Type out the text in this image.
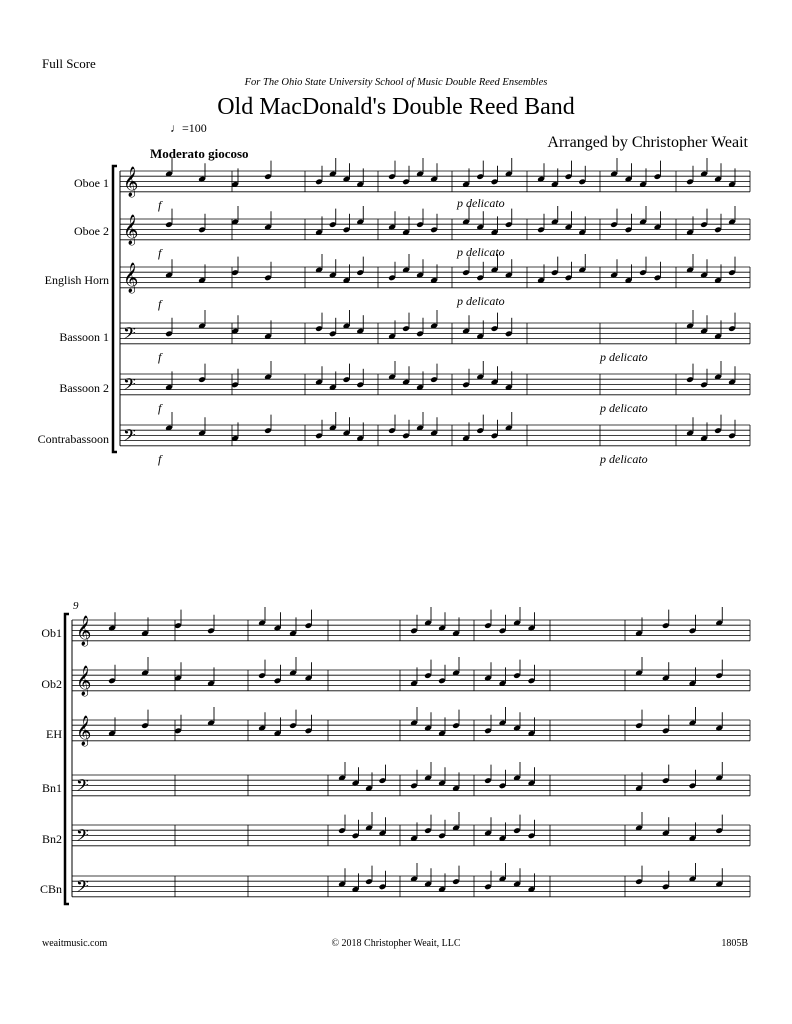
Full Score
For The Ohio State University School of Music Double Reed Ensembles
Old MacDonald's Double Reed Band
Arranged by Christopher Weait
♩=100
Moderato giocoso
Oboe 1
Oboe 2
English Horn
Bassoon 1
Bassoon 2
Contrabassoon
Ob1
Ob2
EH
Bn1
Bn2
CBn
9
f
f
f
f
f
f
p delicato
p delicato
p delicato
p delicato
p delicato
p delicato
𝄞
𝄞
𝄞
𝄢
𝄢
𝄢
𝄞
𝄞
𝄞
𝄢
𝄢
𝄢
weaitmusic.com	© 2018 Christopher Weait, LLC	1805B
